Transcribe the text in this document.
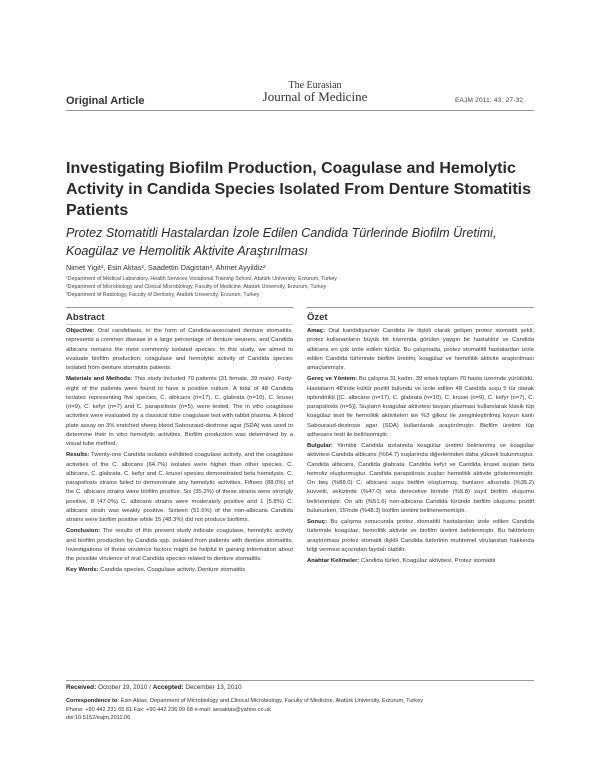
Original Article
The Eurasian
Journal of Medicine	EAJM 2011; 43: 27-32
Investigating Biofilm Production, Coagulase and Hemolytic Activity in Candida Species Isolated From Denture Stomatitis Patients
Protez Stomatitli Hastalardan İzole Edilen Candida Türlerinde Biofilm Üretimi, Koagülaz ve Hemolitik Aktivite Araştırılması
Nimet Yigit¹, Esin Aktas², Saadettin Dagistan³, Ahmet Ayyildiz²
¹Department of Medical Laboratory, Health Services Vocational Training School, Atatürk University, Erzurum, Turkey
²Department of Microbiology and Clinical Microbiology, Faculty of Medicine, Atatürk University, Erzurum, Turkey
³Department of Radiology, Faculty of Dentistry, Atatürk University, Erzurum, Turkey
Abstract

Objective: Oral candidiasis, in the form of Candida-associated denture stomatitis, represents a common disease in a large percentage of denture wearers, and Candida albicans remains the most commonly isolated species. In this study, we aimed to evaluate biofilm production, coagulase and hemolytic activity of Candida species isolated from denture stomatitis patients.

Materials and Methods: This study included 70 patients (31 female, 39 male). Forty-eight of the patients were found to have a positive culture. A total of 48 Candida isolates representing five species, C. albicans (n=17), C. glabrata (n=10), C. krusei (n=9), C. kefyr (n=7) and C. parapsilosis (n=5), were tested. The in vitro coagulase activities were evaluated by a classical tube coagulase test with rabbit plasma. A blood plate assay on 3% enriched sheep blood Sabouraud-dextrose agar (SDA) was used to determine their in vitro hemolytic activities. Biofilm production was determined by a visual tube method.

Results: Twenty-one Candida isolates exhibited coagulase activity, and the coagulase activities of the C. albicans (64.7%) isolates were higher than other species. C. albicans, C. glabrata, C. kefyr and C. krusei species demonstrated beta hemolysis. C. parapsilosis strains failed to demonstrate any hemolytic activities. Fifteen (88.0%) of the C. albicans strains were biofilm positive. Six (35.2%) of these strains were strongly positive, 8 (47.0%) C. albicans strains were moderately positive and 1 (5.8%) C. albicans strain was weakly positive. Sixteen (51.6%) of the non-albicans Candida strains were biofilm positive while 15 (48.3%) did not produce biofilms.

Conclusion: The results of this present study indicate coagulase, hemolytic activity and biofilm production by Candida spp. isolated from patients with denture stomatitis. Investigations of these virulence factors might be helpful in gaining information about the possible virulence of oral Candida species related to denture stomatitis.

Key Words: Candida species, Coagulase activity, Denture stomatitis

Özet

Amaç: Oral kandidiyazisin Candida ile ilişkili olarak gelişen protez stomatiti şekli, protez kullananların büyük bir kısmında görülen yaygın bir hastalıktır ve Candida albicans en çok izole edilen türdür. Bu çalışmada, protez stomatitli hastalardan izole edilen Candida türlerinde biofilm üretimi, koagülaz ve hemolitik aktivite araştırılması amaçlanmıştır.

Gereç ve Yöntem: Bu çalışma 31 kadın, 39 erkek toplam 70 hasta üzerinde yürütüldü. Hastaların 48'inde kültür pozitif bulundu ve izole edilen 48 Candida suşu 5 tür olarak tiplendirildi [(C. albicans (n=17), C. glabrata (n=10), C. krusei (n=9), C. kefyr (n=7), C. parapsilosis (n=5)]. Suşların koagülaz aktivitesi tavşan plazması kullanılarak klasik tüp koagülaz testi ile hemolitik aktiviteleri ise %3 glikoz ile zenginleştirilmiş koyun kanlı Sabouraud-dextrose agar (SDA) kullanılarak araştırılmıştır. Biofilm üretimi tüp adhesans testi ile belirlenmiştir.

Bulgular: Yirmibir Candida izolatında koagülaz üretimi belirlenmiş ve koagülaz aktivitesi Candida albicans (%64.7) suşlarında diğerlerinden daha yüksek bulunmuştur. Candida albicans, Candida glabrata, Candida kefyr ve Candida krusei suşları beta hemoliz oluşturmuştur. Candida parapsilosis suşları hemolitik aktivite göstermemiştir. On beş (%88.0) C. albicans suşu biofilm oluşturmuş, bunların altısında (%35.2) kuvvetli, sekizinde (%47.0) orta derecelive birinde (%5.8) zayıf biofilm oluşumu belirlenmiştir. On altı (%51.6) non-albicans Candida türünde biofilm oluşumu pozitif bulunurken, 15'inde (%48.3) biofilm üretimi belirlenememiştir.

Sonuç: Bu çalışma sonucunda protez stomatitli hastalardan izole edilen Candida türlerinde koagülaz, hemolitik aktivite ve biofilm üretimi belirlenmiştir. Bu faktörlerin araştırılması protez stomatit ilişkili Candida türlerinin muhtemel virulansları hakkında bilgi vermesi açısından faydalı olabilir.

Anahtar Kelimeler: Candida türleri, Koagülaz aktivitesi, Protez stomatiti

Received: October 19, 2010 / Accepted: December 13, 2010
Correspondence to: Esin Aktas, Department of Microbiology and Clinical Microbiology, Faculty of Medicine, Atatürk University, Erzurum, Turkey
Phone: +90 442 231 65 81 Fax: +90 442 236 09 68 e-mail: aesaktas@yahoo.co.uk
doi:10.5152/eajm.2011.06
